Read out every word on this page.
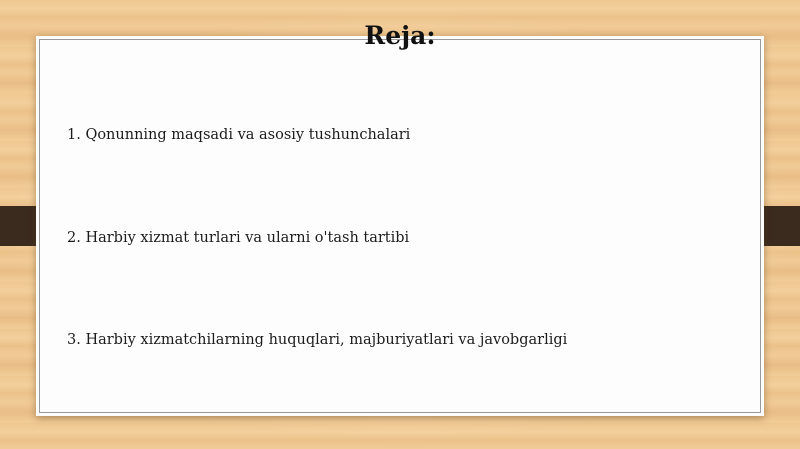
Reja:
1. Qonunning maqsadi va asosiy tushunchalari
2. Harbiy xizmat turlari va ularni o'tash tartibi
3. Harbiy xizmatchilarning huquqlari, majburiyatlari va javobgarligi
